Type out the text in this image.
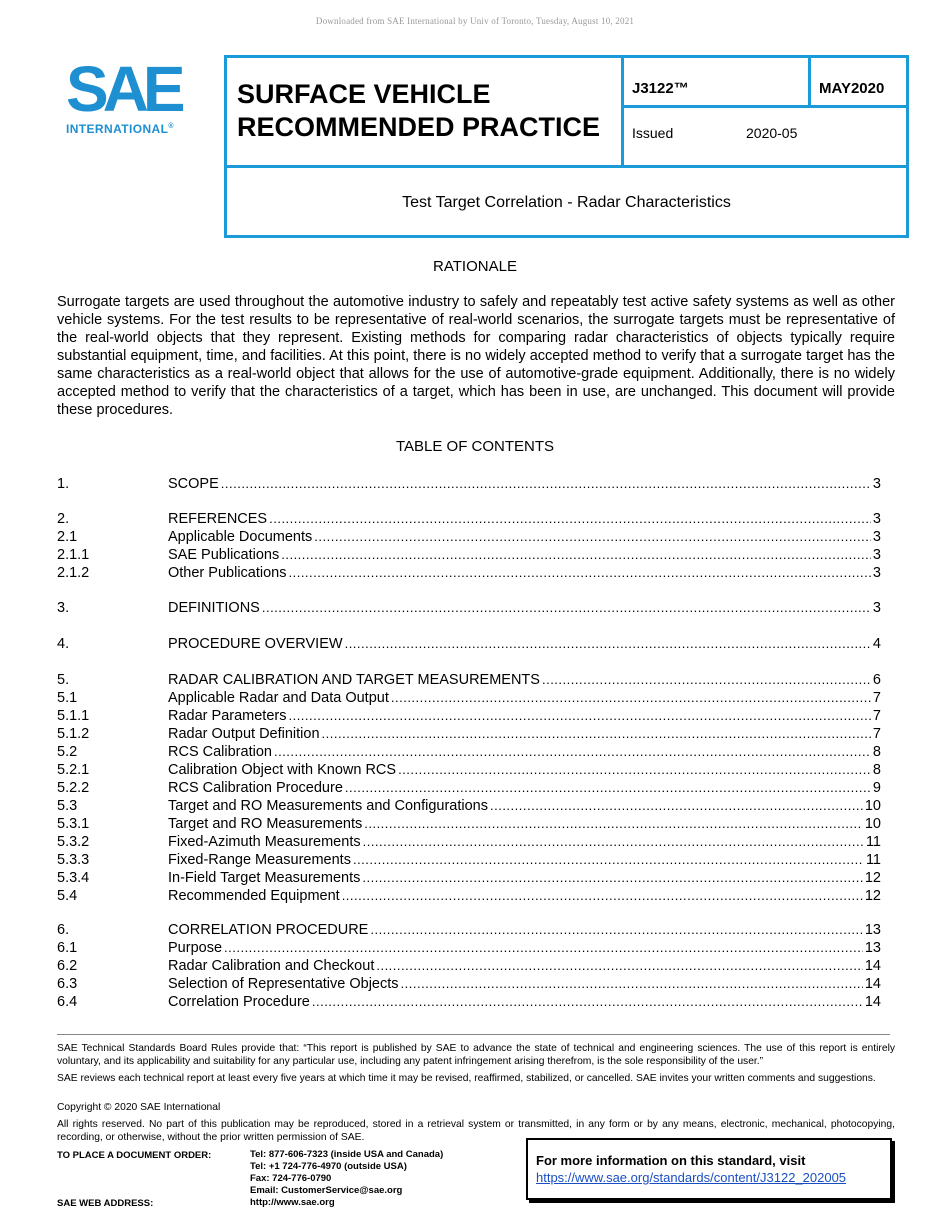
Downloaded from SAE International by Univ of Toronto, Tuesday, August 10, 2021
SAE
INTERNATIONAL®
SURFACE VEHICLE
RECOMMENDED PRACTICE
J3122™	MAY2020
Issued	2020-05
Test Target Correlation - Radar Characteristics
RATIONALE
Surrogate targets are used throughout the automotive industry to safely and repeatably test active safety systems as well as other vehicle systems. For the test results to be representative of real-world scenarios, the surrogate targets must be representative of the real-world objects that they represent. Existing methods for comparing radar characteristics of objects typically require substantial equipment, time, and facilities. At this point, there is no widely accepted method to verify that a surrogate target has the same characteristics as a real-world object that allows for the use of automotive-grade equipment. Additionally, there is no widely accepted method to verify that the characteristics of a target, which has been in use, are unchanged. This document will provide these procedures.
TABLE OF CONTENTS
SAE Technical Standards Board Rules provide that: “This report is published by SAE to advance the state of technical and engineering sciences. The use of this report is entirely voluntary, and its applicability and suitability for any particular use, including any patent infringement arising therefrom, is the sole responsibility of the user.”
SAE reviews each technical report at least every five years at which time it may be revised, reaffirmed, stabilized, or cancelled. SAE invites your written comments and suggestions.
Copyright © 2020 SAE International
All rights reserved. No part of this publication may be reproduced, stored in a retrieval system or transmitted, in any form or by any means, electronic, mechanical, photocopying, recording, or otherwise, without the prior written permission of SAE.
TO PLACE A DOCUMENT ORDER:	Tel: 877-606-7323 (inside USA and Canada)
Tel: +1 724-776-4970 (outside USA)
Fax: 724-776-0790
Email: CustomerService@sae.org
http://www.sae.org
SAE WEB ADDRESS:
For more information on this standard, visit
https://www.sae.org/standards/content/J3122_202005
1.	SCOPE .....	3
2.	REFERENCES .....	3
2.1	Applicable Documents .....	3
2.1.1	SAE Publications .....	3
2.1.2	Other Publications .....	3
3.	DEFINITIONS .....	3
4.	PROCEDURE OVERVIEW .....	4
5.	RADAR CALIBRATION AND TARGET MEASUREMENTS .....	6
5.1	Applicable Radar and Data Output .....	7
5.1.1	Radar Parameters .....	7
5.1.2	Radar Output Definition .....	7
5.2	RCS Calibration .....	8
5.2.1	Calibration Object with Known RCS .....	8
5.2.2	RCS Calibration Procedure .....	9
5.3	Target and RO Measurements and Configurations .....	10
5.3.1	Target and RO Measurements .....	10
5.3.2	Fixed-Azimuth Measurements .....	11
5.3.3	Fixed-Range Measurements .....	11
5.3.4	In-Field Target Measurements .....	12
5.4	Recommended Equipment .....	12
6.	CORRELATION PROCEDURE .....	13
6.1	Purpose .....	13
6.2	Radar Calibration and Checkout .....	14
6.3	Selection of Representative Objects .....	14
6.4	Correlation Procedure .....	14
